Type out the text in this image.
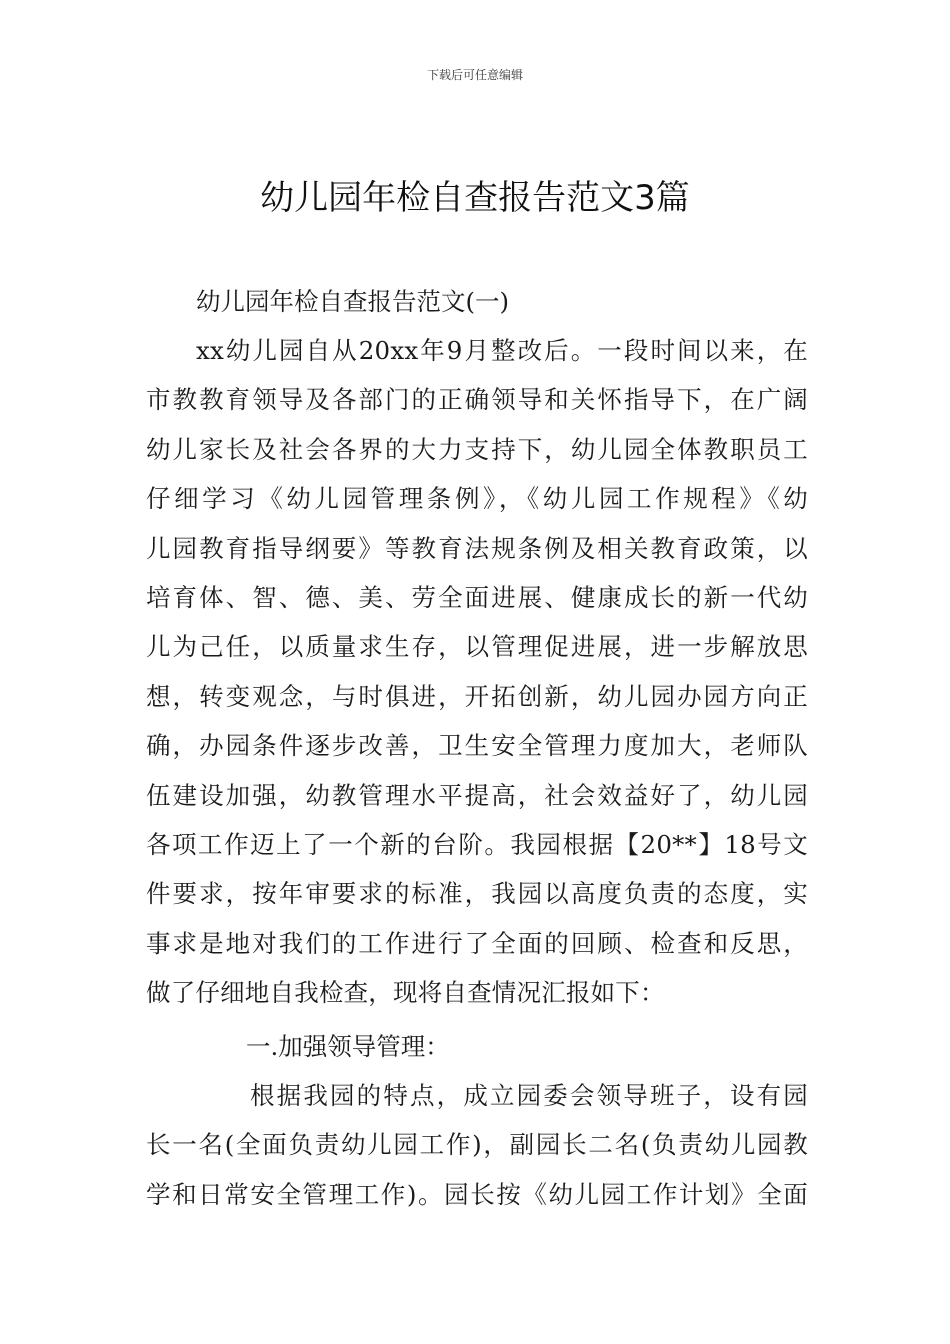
下载后可任意编辑
幼儿园年检自查报告范文3篇
幼儿园年检自查报告范文(一)
xx幼儿园自从20xx年9月整改后。一段时间以来，在
市教教育领导及各部门的正确领导和关怀指导下，在广阔
幼儿家长及社会各界的大力支持下，幼儿园全体教职员工
仔细学习《幼儿园管理条例》，《幼儿园工作规程》《幼
儿园教育指导纲要》等教育法规条例及相关教育政策，以
培育体、智、德、美、劳全面进展、健康成长的新一代幼
儿为己任，以质量求生存，以管理促进展，进一步解放思
想，转变观念，与时俱进，开拓创新，幼儿园办园方向正
确，办园条件逐步改善，卫生安全管理力度加大，老师队
伍建设加强，幼教管理水平提高，社会效益好了，幼儿园
各项工作迈上了一个新的台阶。我园根据【20**】18号文
件要求，按年审要求的标准，我园以高度负责的态度，实
事求是地对我们的工作进行了全面的回顾、检查和反思，
做了仔细地自我检查，现将自查情况汇报如下：
一.加强领导管理：
根据我园的特点，成立园委会领导班子，设有园
长一名(全面负责幼儿园工作)，副园长二名(负责幼儿园教
学和日常安全管理工作)。园长按《幼儿园工作计划》全面
